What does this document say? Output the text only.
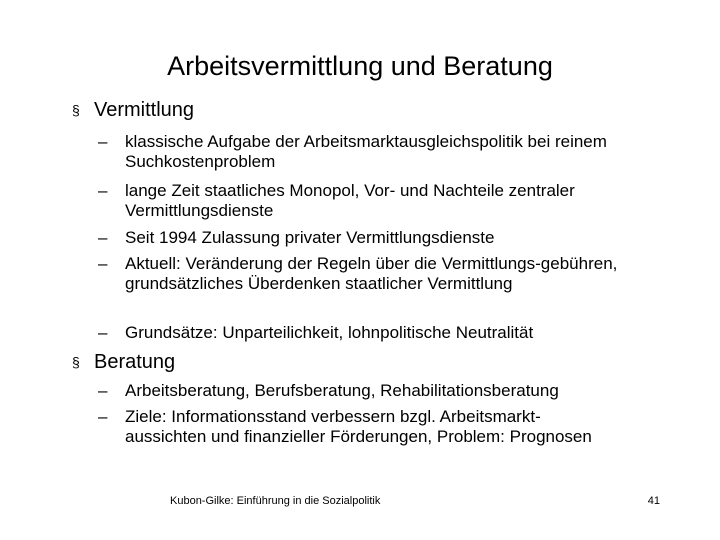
Arbeitsvermittlung und Beratung
§ Vermittlung
– klassische Aufgabe der Arbeitsmarktausgleichspolitik bei reinem Suchkostenproblem
– lange Zeit staatliches Monopol, Vor- und Nachteile zentraler Vermittlungsdienste
– Seit 1994 Zulassung privater Vermittlungsdienste
– Aktuell: Veränderung der Regeln über die Vermittlungs-gebühren, grundsätzliches Überdenken staatlicher Vermittlung
– Grundsätze: Unparteilichkeit, lohnpolitische Neutralität
§ Beratung
– Arbeitsberatung, Berufsberatung, Rehabilitationsberatung
– Ziele: Informationsstand verbessern bzgl. Arbeitsmarkt-aussichten und finanzieller Förderungen, Problem: Prognosen
Kubon-Gilke: Einführung in die Sozialpolitik	41
